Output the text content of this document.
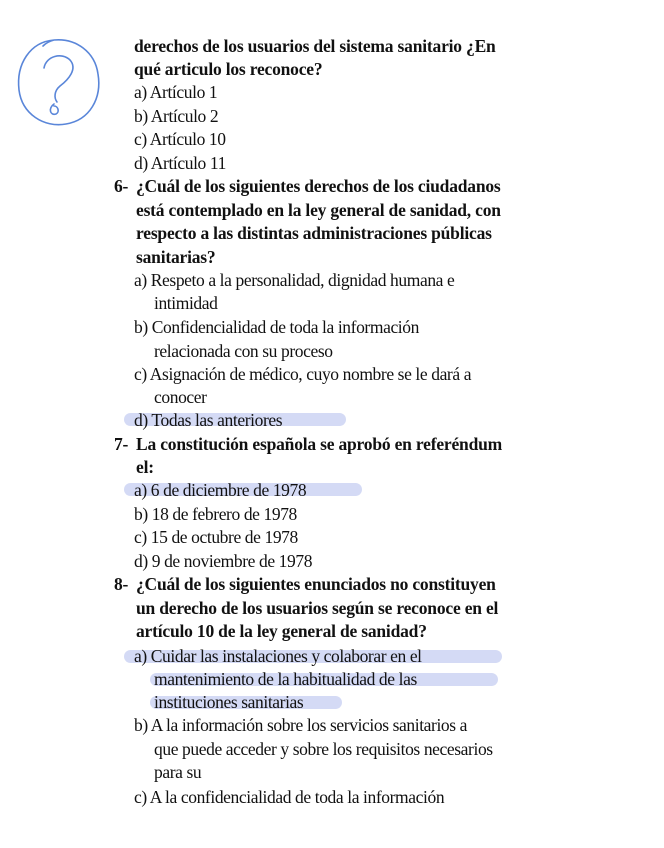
derechos de los usuarios del sistema sanitario ¿En
qué articulo los reconoce?
a) Artículo 1
b) Artículo 2
c) Artículo 10
d) Artículo 11
6- ¿Cuál de los siguientes derechos de los ciudadanos
está contemplado en la ley general de sanidad, con
respecto a las distintas administraciones públicas
sanitarias?
a) Respeto a la personalidad, dignidad humana e
intimidad
b) Confidencialidad de toda la información
relacionada con su proceso
c) Asignación de médico, cuyo nombre se le dará a
conocer
d) Todas las anteriores
7- La constitución española se aprobó en referéndum
el:
a) 6 de diciembre de 1978
b) 18 de febrero de 1978
c) 15 de octubre de 1978
d) 9 de noviembre de 1978
8- ¿Cuál de los siguientes enunciados no constituyen
un derecho de los usuarios según se reconoce en el
artículo 10 de la ley general de sanidad?
a) Cuidar las instalaciones y colaborar en el
mantenimiento de la habitualidad de las
instituciones sanitarias
b) A la información sobre los servicios sanitarios a
que puede acceder y sobre los requisitos necesarios
para su
c) A la confidencialidad de toda la información
